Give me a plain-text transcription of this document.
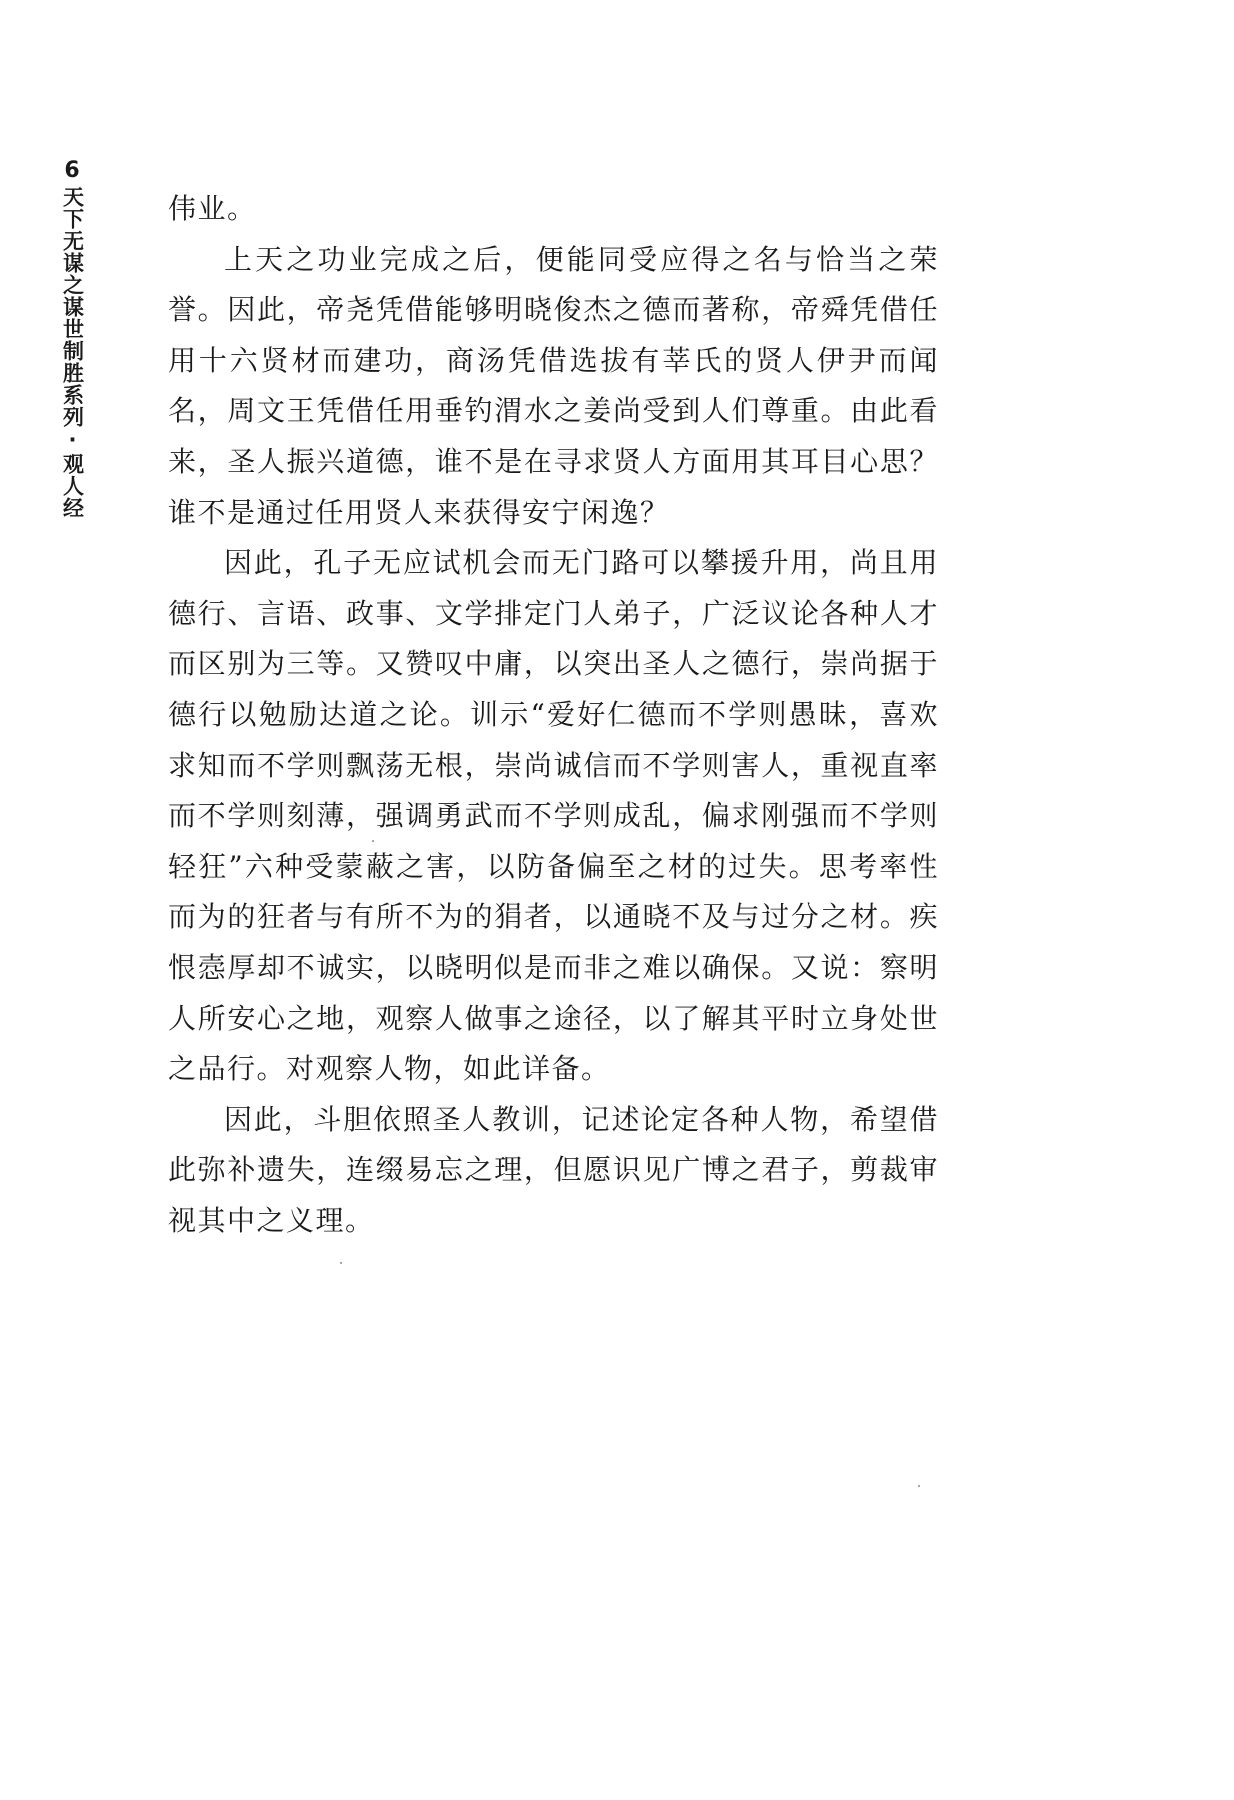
6
天下无谋之谋世制胜系列·观人经	伟业。

上天之功业完成之后，便能同受应得之名与恰当之荣誉。因此，帝尧凭借能够明晓俊杰之德而著称，帝舜凭借任用十六贤材而建功，商汤凭借选拔有莘氏的贤人伊尹而闻名，周文王凭借任用垂钓渭水之姜尚受到人们尊重。由此看来，圣人振兴道德，谁不是在寻求贤人方面用其耳目心思？谁不是通过任用贤人来获得安宁闲逸？

因此，孔子无应试机会而无门路可以攀援升用，尚且用德行、言语、政事、文学排定门人弟子，广泛议论各种人才而区别为三等。又赞叹中庸，以突出圣人之德行，崇尚据于德行以勉励达道之论。训示“爱好仁德而不学则愚昧，喜欢求知而不学则飘荡无根，崇尚诚信而不学则害人，重视直率而不学则刻薄，强调勇武而不学则成乱，偏求刚强而不学则轻狂”六种受蒙蔽之害，以防备偏至之材的过失。思考率性而为的狂者与有所不为的狷者，以通晓不及与过分之材。疾恨悫厚却不诚实，以晓明似是而非之难以确保。又说：察明人所安心之地，观察人做事之途径，以了解其平时立身处世之品行。对观察人物，如此详备。

因此，斗胆依照圣人教训，记述论定各种人物，希望借此弥补遗失，连缀易忘之理，但愿识见广博之君子，剪裁审视其中之义理。
